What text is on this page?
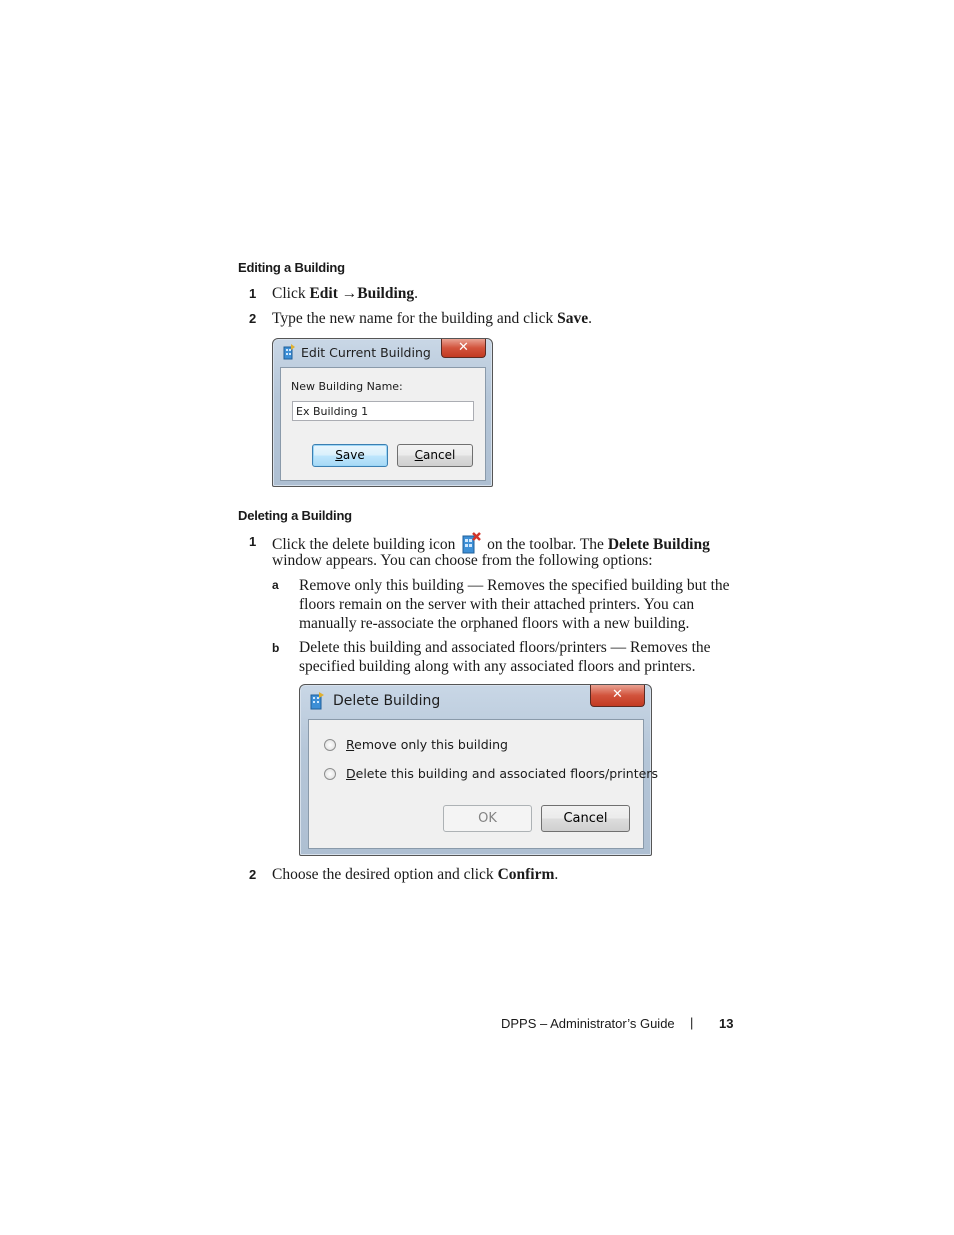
Editing a Building
1 Click Edit →Building.
2 Type the new name for the building and click Save.
Edit Current Building	✕
New Building Name:
Ex Building 1
Save	Cancel
Deleting a Building
1 Click the delete building icon on the toolbar. The Delete Building
window appears. You can choose from the following options:
a Remove only this building — Removes the specified building but the
floors remain on the server with their attached printers. You can
manually re-associate the orphaned floors with a new building.
b Delete this building and associated floors/printers — Removes the
specified building along with any associated floors and printers.
Delete Building	✕
Remove only this building
Delete this building and associated floors/printers
OK	Cancel
2 Choose the desired option and click Confirm.
DPPS – Administrator’s Guide | 13
